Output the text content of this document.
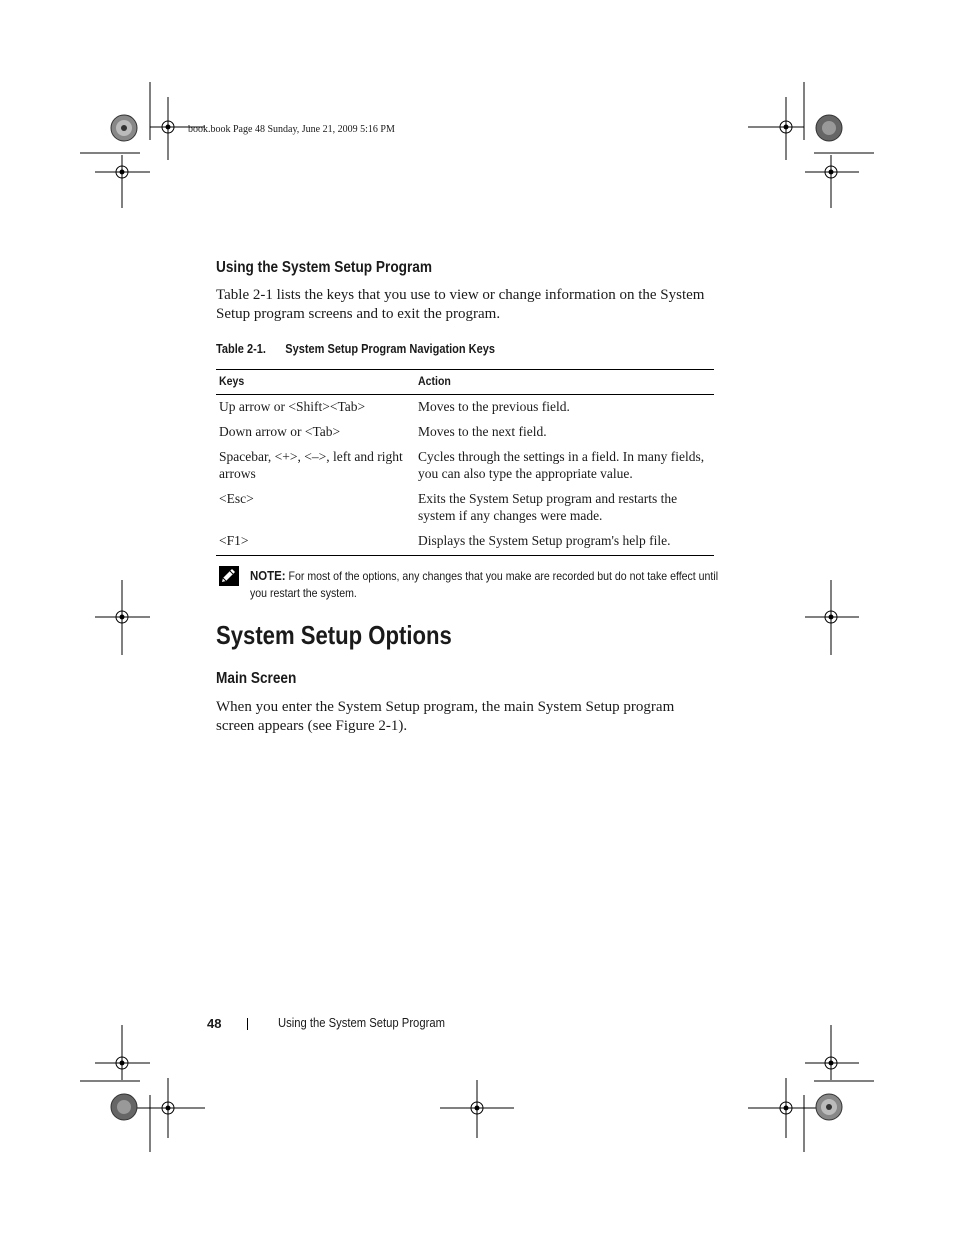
book.book Page 48 Sunday, June 21, 2009 5:16 PM
Using the System Setup Program
Table 2-1 lists the keys that you use to view or change information on the System Setup program screens and to exit the program.
Table 2-1. System Setup Program Navigation Keys
Keys	Action
Up arrow or <Shift><Tab>	Moves to the previous field.
Down arrow or <Tab>	Moves to the next field.
Spacebar, <+>, <–>, left and right arrows	Cycles through the settings in a field. In many fields, you can also type the appropriate value.
<Esc>	Exits the System Setup program and restarts the system if any changes were made.
<F1>	Displays the System Setup program's help file.
NOTE: For most of the options, any changes that you make are recorded but do not take effect until you restart the system.
System Setup Options
Main Screen
When you enter the System Setup program, the main System Setup program screen appears (see Figure 2-1).
48	Using the System Setup Program
